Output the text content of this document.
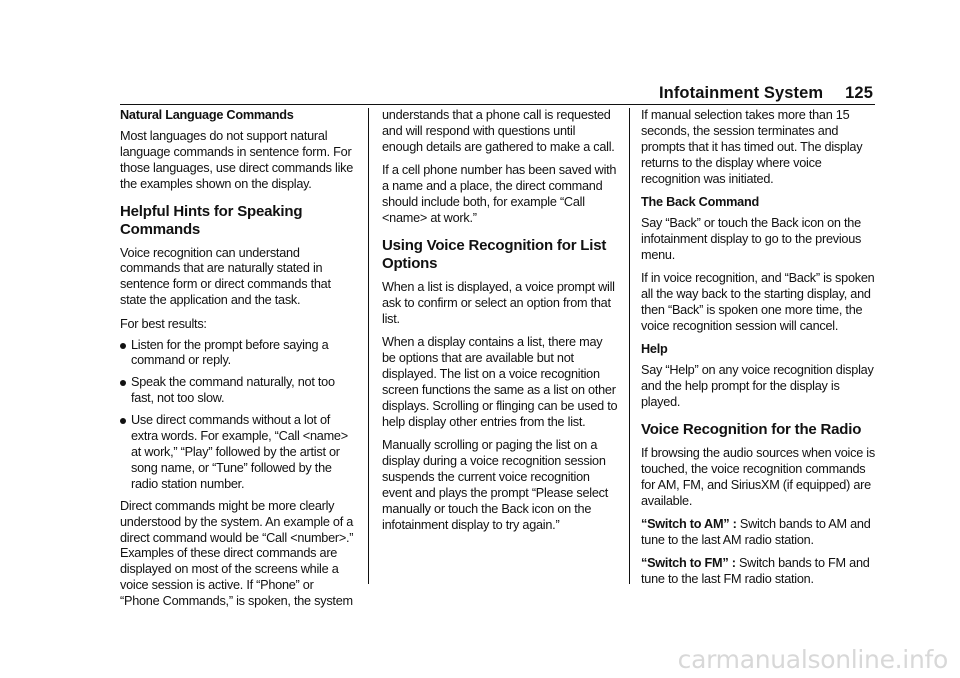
Infotainment System 125

Natural Language Commands

Most languages do not support natural language commands in sentence form. For those languages, use direct commands like the examples shown on the display.

Helpful Hints for Speaking Commands

Voice recognition can understand commands that are naturally stated in sentence form or direct commands that state the application and the task.

For best results:

Listen for the prompt before saying a command or reply.
Speak the command naturally, not too fast, not too slow.
Use direct commands without a lot of extra words. For example, “Call <name> at work,” “Play” followed by the artist or song name, or “Tune” followed by the radio station number.

Direct commands might be more clearly understood by the system. An example of a direct command would be “Call <number>.” Examples of these direct commands are displayed on most of the screens while a voice session is active. If “Phone” or “Phone Commands,” is spoken, the system

understands that a phone call is requested and will respond with questions until enough details are gathered to make a call.

If a cell phone number has been saved with a name and a place, the direct command should include both, for example “Call <name> at work.”

Using Voice Recognition for List Options

When a list is displayed, a voice prompt will ask to confirm or select an option from that list.

When a display contains a list, there may be options that are available but not displayed. The list on a voice recognition screen functions the same as a list on other displays. Scrolling or flinging can be used to help display other entries from the list.

Manually scrolling or paging the list on a display during a voice recognition session suspends the current voice recognition event and plays the prompt “Please select manually or touch the Back icon on the infotainment display to try again.”

If manual selection takes more than 15 seconds, the session terminates and prompts that it has timed out. The display returns to the display where voice recognition was initiated.

The Back Command

Say “Back” or touch the Back icon on the infotainment display to go to the previous menu.

If in voice recognition, and “Back” is spoken all the way back to the starting display, and then “Back” is spoken one more time, the voice recognition session will cancel.

Help

Say “Help” on any voice recognition display and the help prompt for the display is played.

Voice Recognition for the Radio

If browsing the audio sources when voice is touched, the voice recognition commands for AM, FM, and SiriusXM (if equipped) are available.

“Switch to AM” : Switch bands to AM and tune to the last AM radio station.

“Switch to FM” : Switch bands to FM and tune to the last FM radio station.

carmanualsonline.info
